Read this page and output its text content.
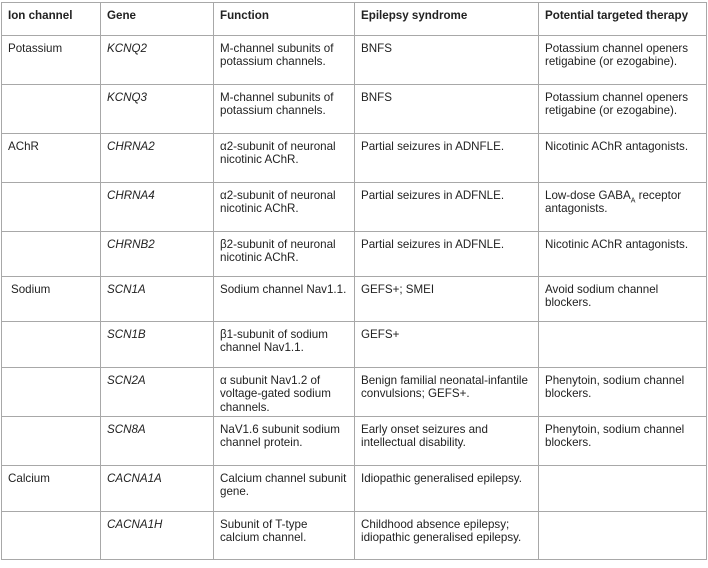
Ion channel	Gene	Function	Epilepsy syndrome	Potential targeted therapy
Potassium	KCNQ2	M-channel subunits of potassium channels.	BNFS	Potassium channel openers retigabine (or ezogabine).
	KCNQ3	M-channel subunits of potassium channels.	BNFS	Potassium channel openers retigabine (or ezogabine).
AChR	CHRNA2	α2-subunit of neuronal nicotinic AChR.	Partial seizures in ADNFLE.	Nicotinic AChR antagonists.
	CHRNA4	α2-subunit of neuronal nicotinic AChR.	Partial seizures in ADFNLE.	Low-dose $GABA_A$ receptor antagonists.
	CHRNB2	β2-subunit of neuronal nicotinic AChR.	Partial seizures in ADFNLE.	Nicotinic AChR antagonists.
Sodium	SCN1A	Sodium channel Nav1.1.	GEFS+; SMEI	Avoid sodium channel blockers.
	SCN1B	β1-subunit of sodium channel Nav1.1.	GEFS+	
	SCN2A	α subunit Nav1.2 of voltage-gated sodium channels.	Benign familial neonatal-infantile convulsions; GEFS+.	Phenytoin, sodium channel blockers.
	SCN8A	NaV1.6 subunit sodium channel protein.	Early onset seizures and intellectual disability.	Phenytoin, sodium channel blockers.
Calcium	CACNA1A	Calcium channel subunit gene.	Idiopathic generalised epilepsy.	
	CACNA1H	Subunit of T-type calcium channel.	Childhood absence epilepsy; idiopathic generalised epilepsy.	
